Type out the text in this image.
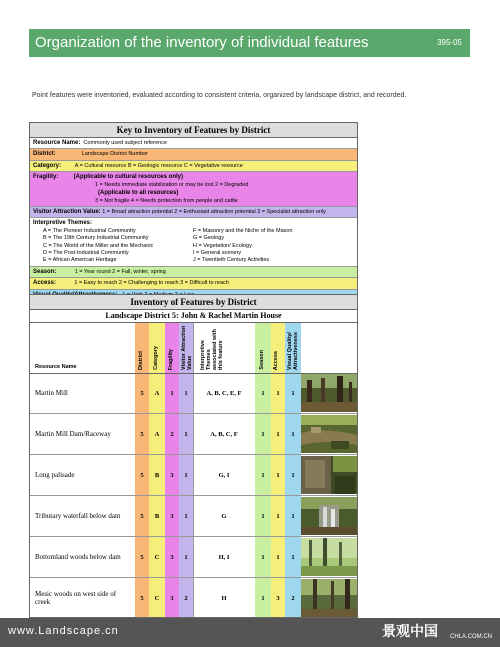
Organization of the inventory of individual features	395-05
Point features were inventoried, evaluated according to consistent criteria, organized by landscape district, and recorded.
Key to Inventory of Features by District
Resource Name: Commonly used subject reference
District:	Landscape District Number
Category:	A = Cultural resource B = Geologic resource C = Vegetative resource
Fragility:	(Applicable to cultural resources only)
1 = Needs immediate stabilization or may be lost 2 = Degraded
(Applicable to all resources)
3 = Not fragile 4 = Needs protection from people and cattle
Visitor Attraction Value: 1 = Broad attraction potential 2 = Enthusiast attraction potential 3 = Specialist attraction only
Interpretive Themes:
A = The Pioneer Industrial Community
B = The 19th Century Industrial Community
C = The World of the Miller and the Mechanic
D = The Post-Industrial Community
E = African American Heritage
F = Masonry and the Niche of the Mason
G = Geology
H = Vegetation/ Ecology
I = General scenery
J = Twentieth Century Activities
Season:	1 = Year round 2 = Fall, winter, spring
Access:	1 = Easy to reach 2 = Challenging to reach 3 = Difficult to reach

Inventory of Features by District
Landscape District 5: John & Rachel Martin House
Resource Name	District Category Fragility Visitor Attraction Value Interpretive Themes associated with this feature	Season Access Visual Quality/ Attractiveness
Martin Mill	5	A	1	1	A, B, C, E, F	1	1	1
Martin Mill Dam/Raceway	5	A	2	1	A, B, C, F	1	1	1
Long palisade	5	B	3	1	G, I	1	1	1
Tributary waterfall below dam	5	B	3	1	G	1	1	1
Bottomland woods below dam	5	C	3	1	H, I	1	1	1
Mesic woods on west side of creek	5	C	3	2	H	1	3	2
www.Landscape.cn	景观中国 CHLA.COM.CN
